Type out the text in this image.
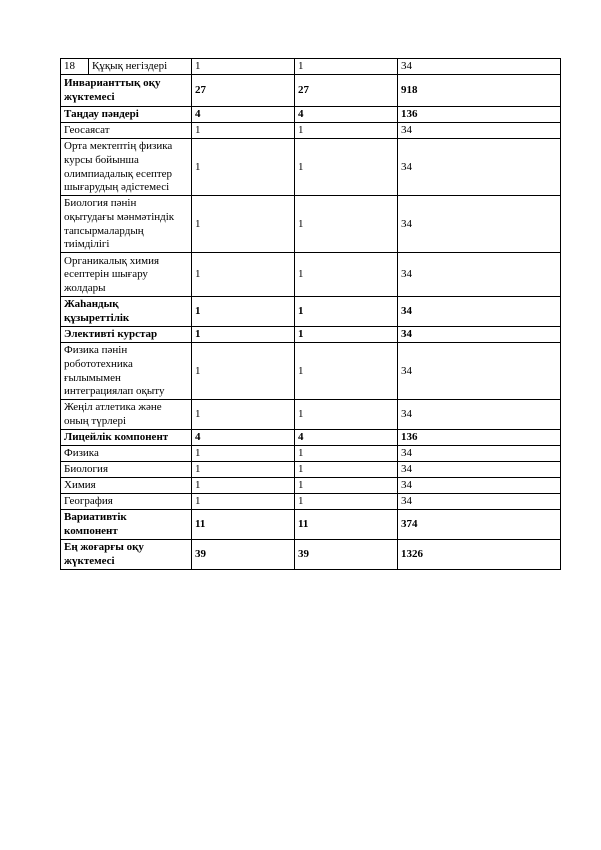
18	Құқық негіздері	1	1	34
Инварианттық оқу жүктемесі		27	27	918
Таңдау пәндері		4	4	136
Геосаясат		1	1	34

Орта мектептің физика курсы бойынша олимпиадалық есептер шығарудың әдістемесі		1	1	34

Биология пәнін оқытудағы мәнмәтіндік тапсырмалардың тиімділігі		1	1	34

Органикалық химия есептерін шығару жолдары		1	1	34

Жаһандық құзыреттілік		1	1	34
Элективті курстар		1	1	34

Физика пәнін робототехника ғылымымен интеграциялап оқыту		1	1	34

Жеңіл атлетика және оның түрлері		1	1	34
Лицейлік компонент		4	4	136
Физика		1	1	34
Биология		1	1	34
Химия		1	1	34
География		1	1	34

Вариативтік компонент		11	11	374

Ең жоғарғы оқу жүктемесі		39	39	1326
